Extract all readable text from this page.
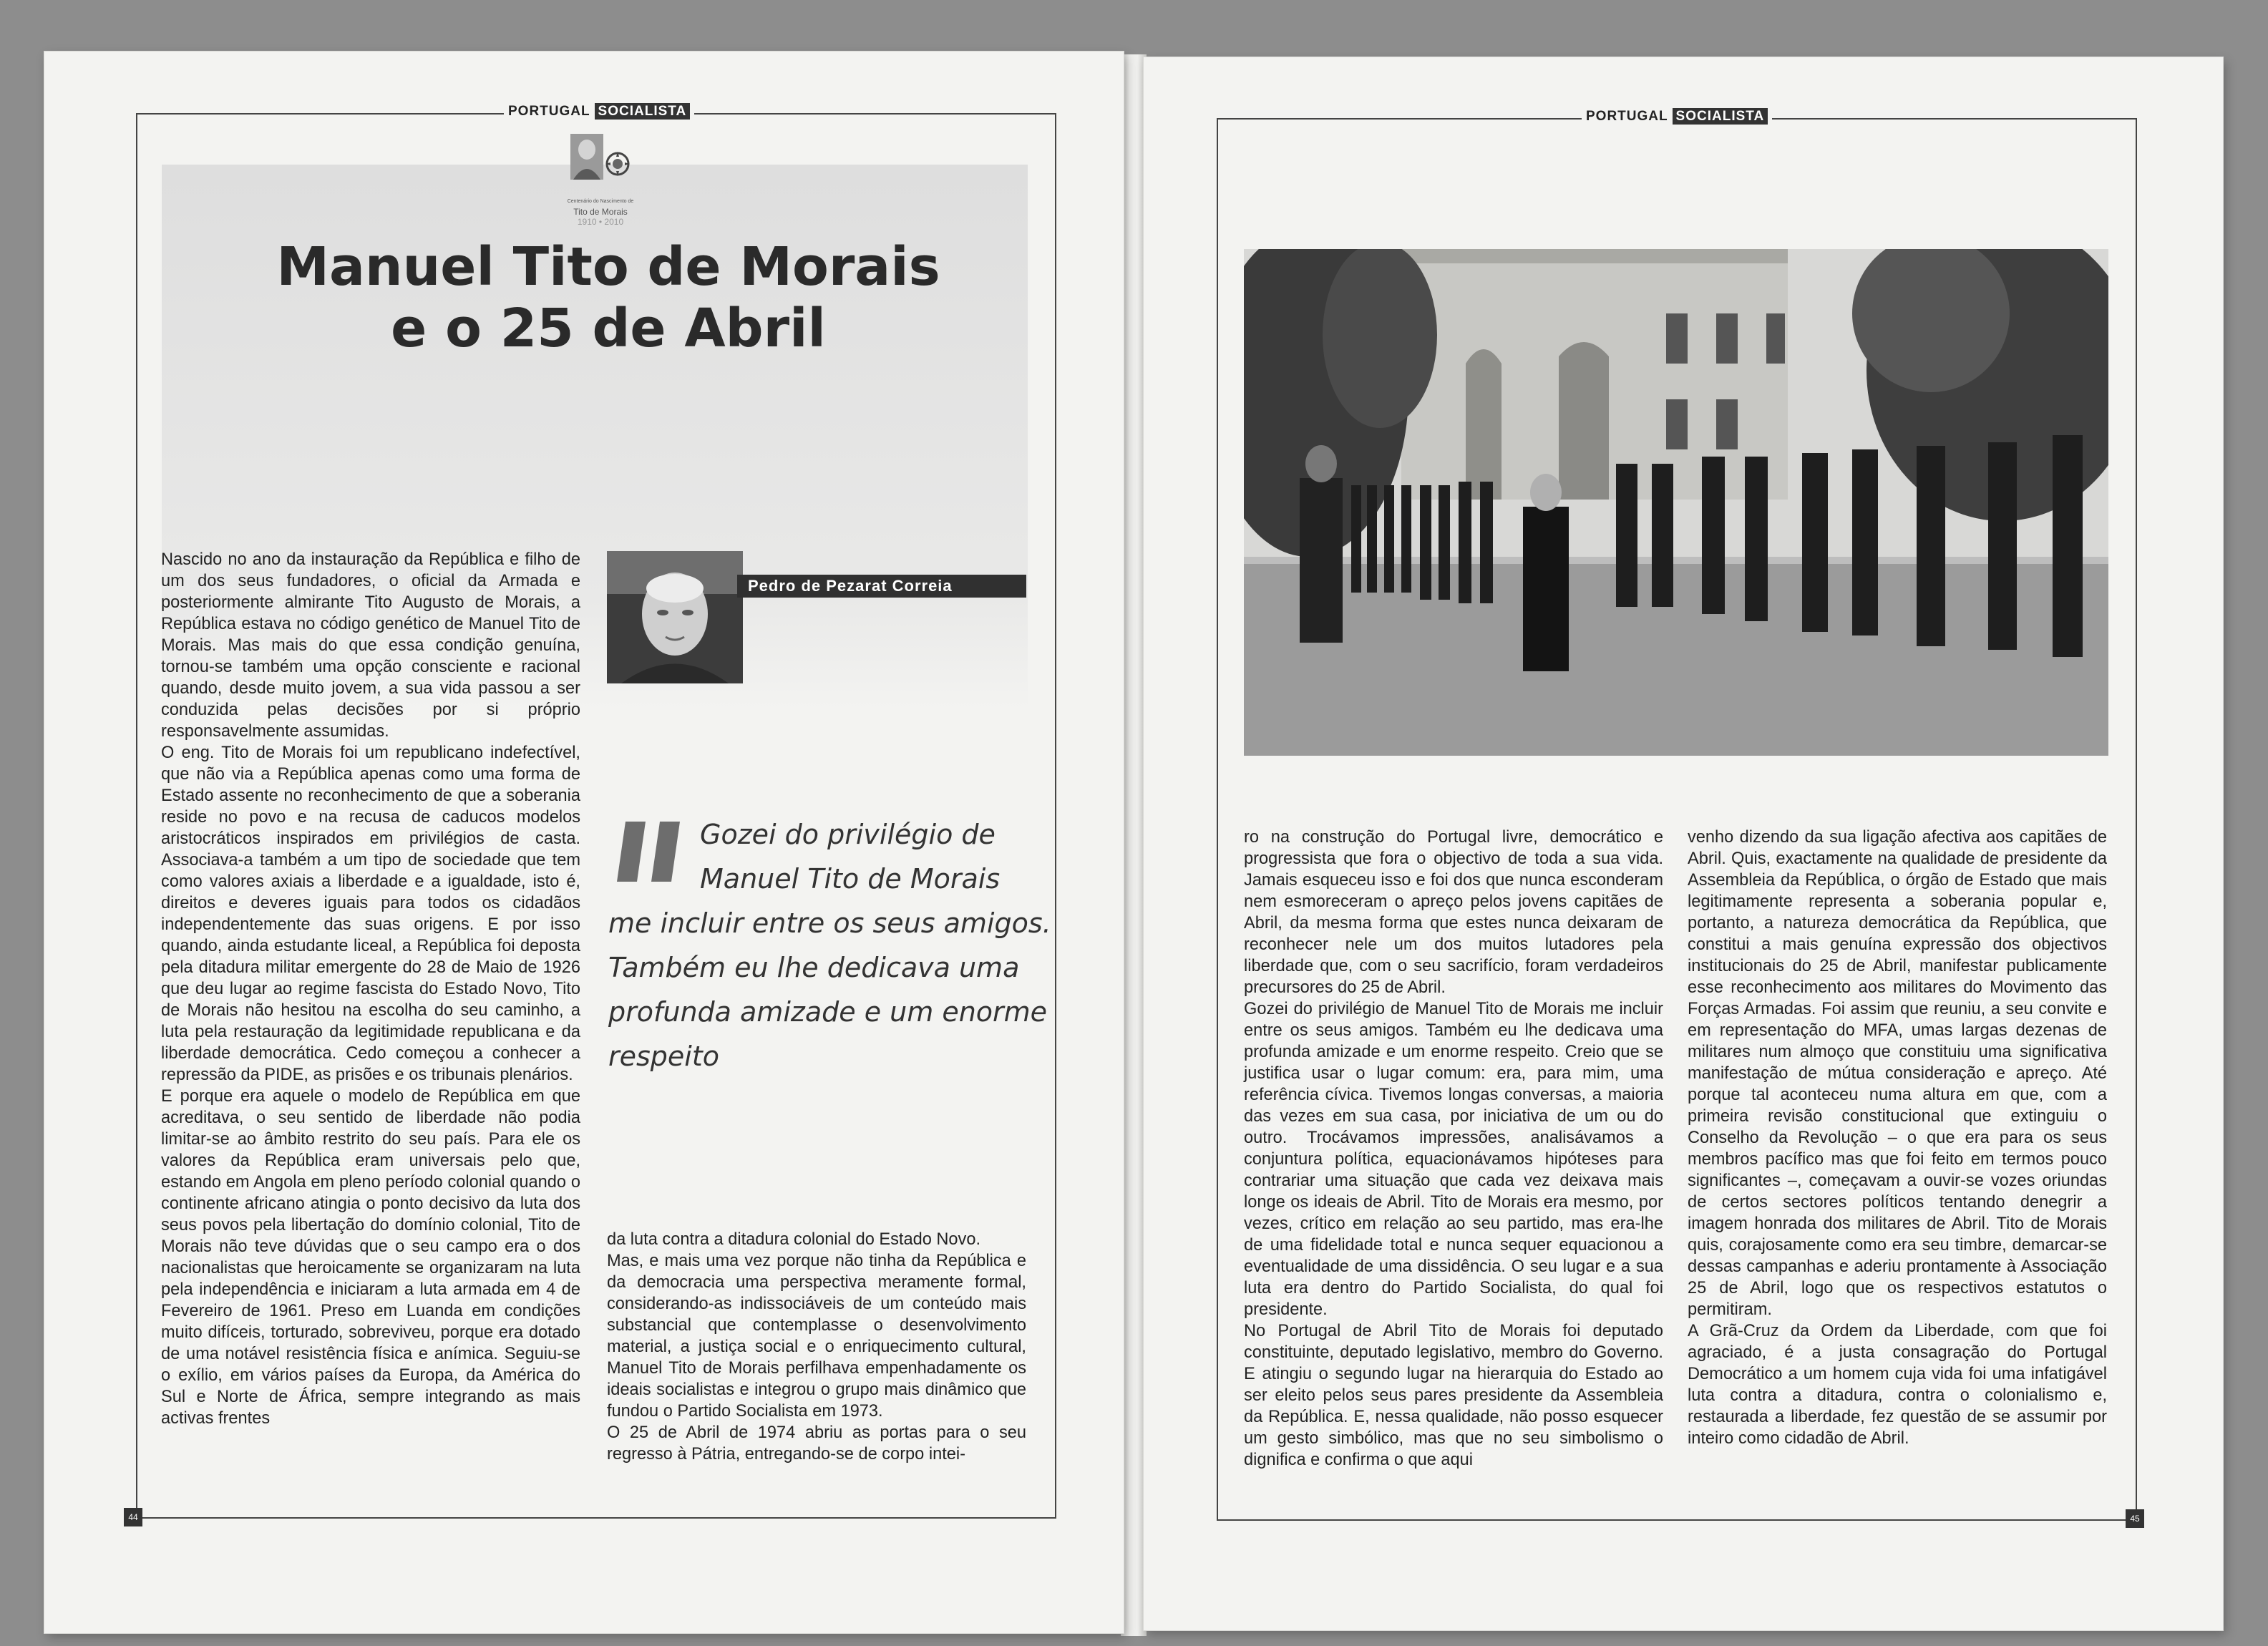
PORTUGAL SOCIALISTA
Centenário do Nascimento de
Tito de Morais
1910 • 2010
Manuel Tito de Morais
e o 25 de Abril

Nascido no ano da instauração da República e filho de um dos seus fundadores, o oficial da Armada e posteriormente almirante Tito Augusto de Morais, a República estava no código genético de Manuel Tito de Morais. Mas mais do que essa condição genuína, tornou-se também uma opção consciente e racional quando, desde muito jovem, a sua vida passou a ser conduzida pelas decisões por si próprio responsavelmente assumidas.

O eng. Tito de Morais foi um republicano indefectível, que não via a República apenas como uma forma de Estado assente no reconhecimento de que a soberania reside no povo e na recusa de caducos modelos aristocráticos inspirados em privilégios de casta. Associava-a também a um tipo de sociedade que tem como valores axiais a liberdade e a igualdade, isto é, direitos e deveres iguais para todos os cidadãos independentemente das suas origens. E por isso quando, ainda estudante liceal, a República foi deposta pela ditadura militar emergente do 28 de Maio de 1926 que deu lugar ao regime fascista do Estado Novo, Tito de Morais não hesitou na escolha do seu caminho, a luta pela restauração da legitimidade republicana e da liberdade democrática. Cedo começou a conhecer a repressão da PIDE, as prisões e os tribunais plenários.

E porque era aquele o modelo de República em que acreditava, o seu sentido de liberdade não podia limitar-se ao âmbito restrito do seu país. Para ele os valores da República eram universais pelo que, estando em Angola em pleno período colonial quando o continente africano atingia o ponto decisivo da luta dos seus povos pela libertação do domínio colonial, Tito de Morais não teve dúvidas que o seu campo era o dos nacionalistas que heroicamente se organizaram na luta pela independência e iniciaram a luta armada em 4 de Fevereiro de 1961. Preso em Luanda em condições muito difíceis, torturado, sobreviveu, porque era dotado de uma notável resistência física e anímica. Seguiu-se o exílio, em vários países da Europa, da América do Sul e Norte de África, sempre integrando as mais activas frentes

Pedro de Pezarat Correia
Gozei do privilégio de
Manuel Tito de Morais
me incluir entre os seus amigos.
Também eu lhe dedicava uma
profunda amizade e um enorme
respeito

da luta contra a ditadura colonial do Estado Novo.

Mas, e mais uma vez porque não tinha da República e da democracia uma perspectiva meramente formal, considerando-as indissociáveis de um conteúdo mais substancial que contemplasse o desenvolvimento material, a justiça social e o enriquecimento cultural, Manuel Tito de Morais perfilhava empenhadamente os ideais socialistas e integrou o grupo mais dinâmico que fundou o Partido Socialista em 1973.

O 25 de Abril de 1974 abriu as portas para o seu regresso à Pátria, entregando-se de corpo intei-

44
PORTUGAL SOCIALISTA

ro na construção do Portugal livre, democrático e progressista que fora o objectivo de toda a sua vida. Jamais esqueceu isso e foi dos que nunca esconderam nem esmoreceram o apreço pelos jovens capitães de Abril, da mesma forma que estes nunca deixaram de reconhecer nele um dos muitos lutadores pela liberdade que, com o seu sacrifício, foram verdadeiros precursores do 25 de Abril.

Gozei do privilégio de Manuel Tito de Morais me incluir entre os seus amigos. Também eu lhe dedicava uma profunda amizade e um enorme respeito. Creio que se justifica usar o lugar comum: era, para mim, uma referência cívica. Tivemos longas conversas, a maioria das vezes em sua casa, por iniciativa de um ou do outro. Trocávamos impressões, analisávamos a conjuntura política, equacionávamos hipóteses para contrariar uma situação que cada vez deixava mais longe os ideais de Abril. Tito de Morais era mesmo, por vezes, crítico em relação ao seu partido, mas era-lhe de uma fidelidade total e nunca sequer equacionou a eventualidade de uma dissidência. O seu lugar e a sua luta era dentro do Partido Socialista, do qual foi presidente.

No Portugal de Abril Tito de Morais foi deputado constituinte, deputado legislativo, membro do Governo. E atingiu o segundo lugar na hierarquia do Estado ao ser eleito pelos seus pares presidente da Assembleia da República. E, nessa qualidade, não posso esquecer um gesto simbólico, mas que no seu simbolismo o dignifica e confirma o que aqui

venho dizendo da sua ligação afectiva aos capitães de Abril. Quis, exactamente na qualidade de presidente da Assembleia da República, o órgão de Estado que mais legitimamente representa a soberania popular e, portanto, a natureza democrática da República, que constitui a mais genuína expressão dos objectivos institucionais do 25 de Abril, manifestar publicamente esse reconhecimento aos militares do Movimento das Forças Armadas. Foi assim que reuniu, a seu convite e em representação do MFA, umas largas dezenas de militares num almoço que constituiu uma significativa manifestação de mútua consideração e apreço. Até porque tal aconteceu numa altura em que, com a primeira revisão constitucional que extinguiu o Conselho da Revolução – o que era para os seus membros pacífico mas que foi feito em termos pouco significantes –, começavam a ouvir-se vozes oriundas de certos sectores políticos tentando denegrir a imagem honrada dos militares de Abril. Tito de Morais quis, corajosamente como era seu timbre, demarcar-se dessas campanhas e aderiu prontamente à Associação 25 de Abril, logo que os respectivos estatutos o permitiram.

A Grã-Cruz da Ordem da Liberdade, com que foi agraciado, é a justa consagração do Portugal Democrático a um homem cuja vida foi uma infatigável luta contra a ditadura, contra o colonialismo e, restaurada a liberdade, fez questão de se assumir por inteiro como cidadão de Abril.

45
